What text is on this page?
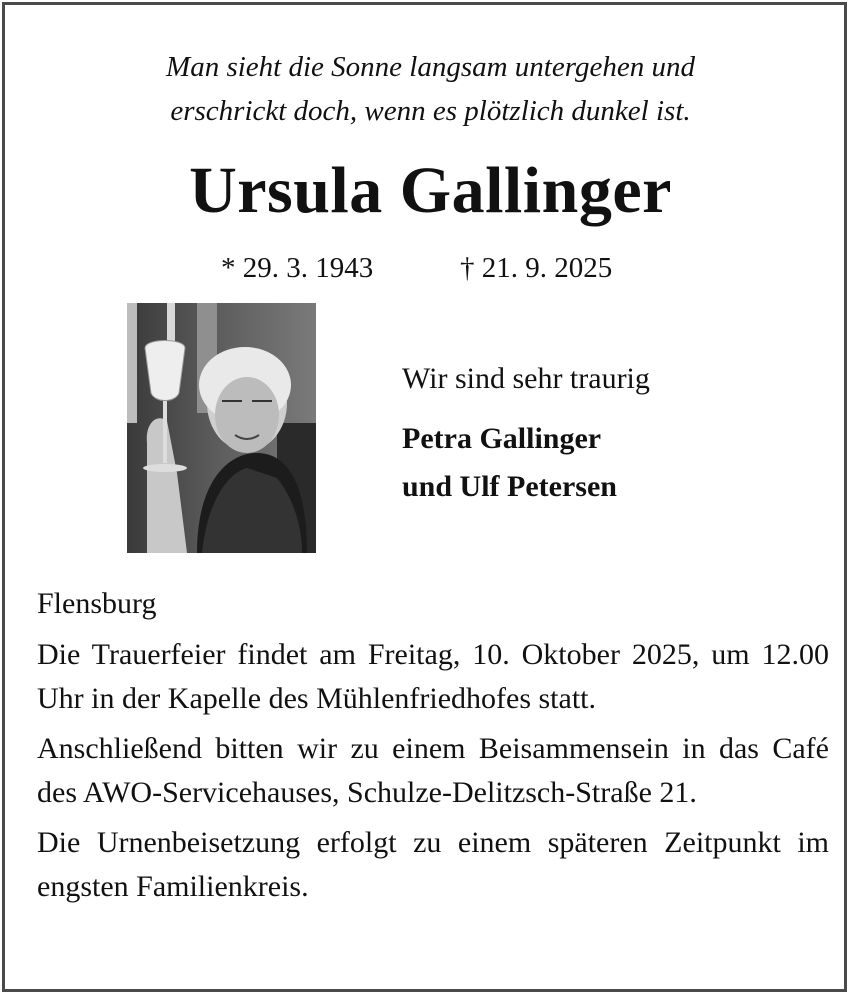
Man sieht die Sonne langsam untergehen und
erschrickt doch, wenn es plötzlich dunkel ist.
Ursula Gallinger
* 29. 3. 1943	† 21. 9. 2025
Wir sind sehr traurig
Petra Gallinger
und Ulf Petersen
Flensburg

Die Trauerfeier findet am Freitag, 10. Oktober 2025, um 12.00 Uhr in der Kapelle des Mühlenfriedhofes statt.

Anschließend bitten wir zu einem Beisammensein in das Café des AWO-Servicehauses, Schulze-Delitzsch-Straße 21.

Die Urnenbeisetzung erfolgt zu einem späteren Zeitpunkt im engsten Familienkreis.
